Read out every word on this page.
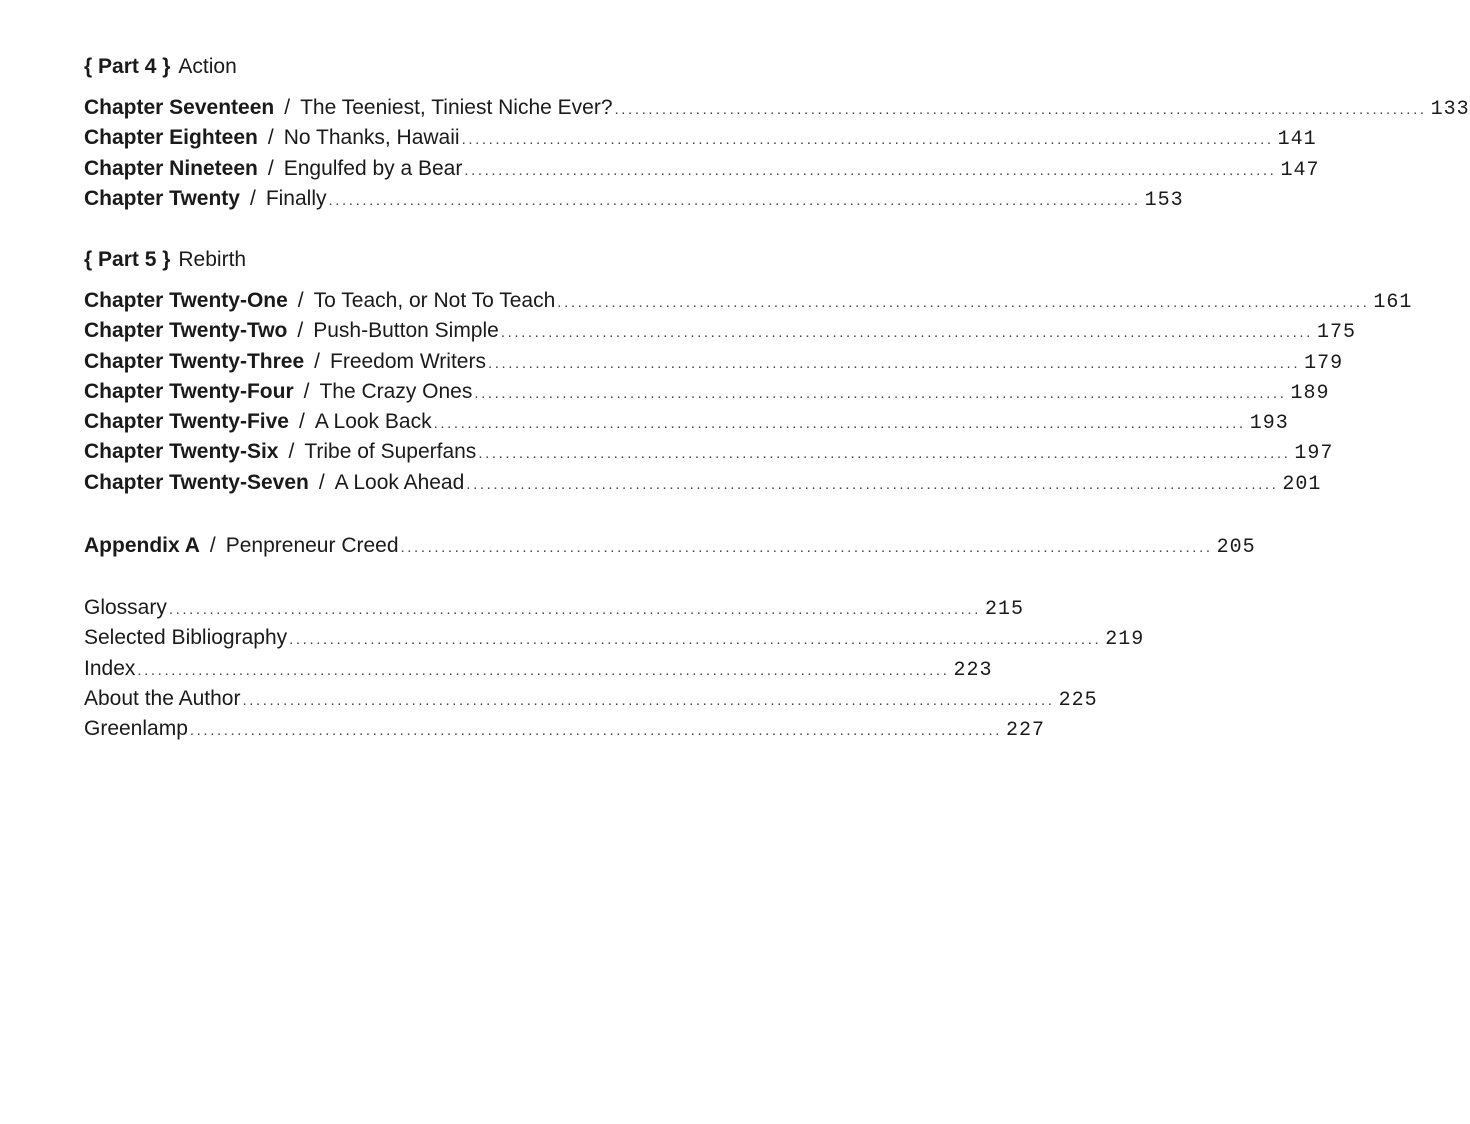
{ Part 4 } Action
Chapter Seventeen / The Teeniest, Tiniest Niche Ever? ........................................................................................................................ 133
Chapter Eighteen / No Thanks, Hawaii ........................................................................................................................ 141
Chapter Nineteen / Engulfed by a Bear ........................................................................................................................ 147
Chapter Twenty / Finally ........................................................................................................................ 153
{ Part 5 } Rebirth
Chapter Twenty-One / To Teach, or Not To Teach ........................................................................................................................ 161
Chapter Twenty-Two / Push-Button Simple ........................................................................................................................ 175
Chapter Twenty-Three / Freedom Writers ........................................................................................................................ 179
Chapter Twenty-Four / The Crazy Ones ........................................................................................................................ 189
Chapter Twenty-Five / A Look Back ........................................................................................................................ 193
Chapter Twenty-Six / Tribe of Superfans ........................................................................................................................ 197
Chapter Twenty-Seven / A Look Ahead ........................................................................................................................ 201
Appendix A / Penpreneur Creed ........................................................................................................................ 205
Glossary ........................................................................................................................ 215
Selected Bibliography ........................................................................................................................ 219
Index ........................................................................................................................ 223
About the Author ........................................................................................................................ 225
Greenlamp ........................................................................................................................ 227
